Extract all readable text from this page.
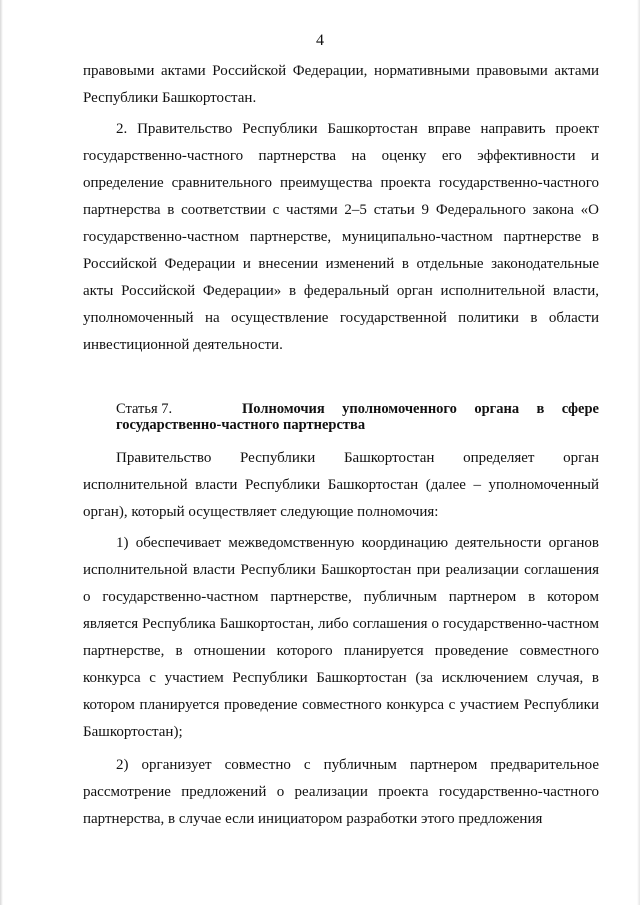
4

правовыми актами Российской Федерации, нормативными правовыми актами Республики Башкортостан.

2. Правительство Республики Башкортостан вправе направить проект государственно-частного партнерства на оценку его эффективности и определение сравнительного преимущества проекта государственно-частного партнерства в соответствии с частями 2–5 статьи 9 Федерального закона «О государственно-частном партнерстве, муниципально-частном партнерстве в Российской Федерации и внесении изменений в отдельные законодательные акты Российской Федерации» в федеральный орган исполнительной власти, уполномоченный на осуществление государственной политики в области инвестиционной деятельности.

Статья 7.	Полномочия уполномоченного органа в сфере
государственно-частного партнерства

Правительство Республики Башкортостан определяет орган исполнительной власти Республики Башкортостан (далее – уполномоченный орган), который осуществляет следующие полномочия:

1) обеспечивает межведомственную координацию деятельности органов исполнительной власти Республики Башкортостан при реализации соглашения о государственно-частном партнерстве, публичным партнером в котором является Республика Башкортостан, либо соглашения о государственно-частном партнерстве, в отношении которого планируется проведение совместного конкурса с участием Республики Башкортостан (за исключением случая, в котором планируется проведение совместного конкурса с участием Республики Башкортостан);

2) организует совместно с публичным партнером предварительное рассмотрение предложений о реализации проекта государственно-частного партнерства, в случае если инициатором разработки этого предложения
